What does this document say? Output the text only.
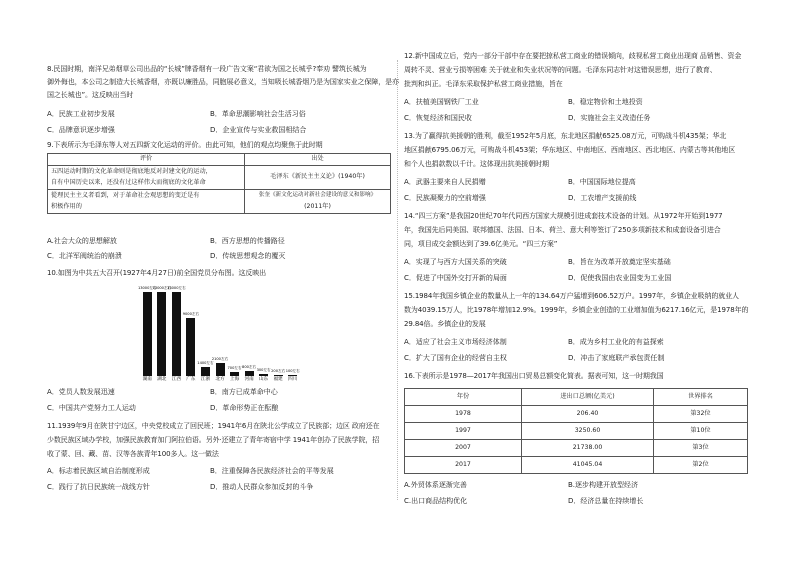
8.民国时期，南洋兄弟烟草公司出品的“长城”牌香烟有一段广告文案“君欲为国之长城乎?奉劝 譬筑长城为
御外侮也，本公司之制造大长城香烟，亦既以廉胜品，同胞展必意义，当知吸长城香烟乃是为国家实业之保障，是亦
国之长城也”。这反映出当时
A．民族工业初步发展	B．革命思潮影响社会生活习俗
C．品牌意识逐步增强	D．企业宣传与实业救国相结合
9.下表所示为毛泽东等人对五四新文化运动的评价。由此可知，他们的观点均聚焦于此时期
评价	出处
五四运动时期的文化革命则是彻底地反对封建文化的运动，	毛泽东《新民主主义论》(1940年)
自有中国历史以来，还没有过这样伟大而彻底的文化革命	
從理民主主义者看到，对于革命社会观思想的变迁是有	张奎《新文化运动对新社会建设的意义和影响》
积极作用的	(2011年)
A.社会大众的思想解放	B．西方思想的传播路径
C．北洋军阀统治的崩溃	D．传统思想观念的覆灭
10.如图为中共五大召开(1927年4月27日)前全国党员分布图。这反映出
13000左右
湖南
13000左右
湖北
13000左右
江西
9000左右
广东
1400左右
江浙
2100左右
北方
700左右
上海
800左右
河南
300左右
山东
200左右
福建
100左右
四川
A．党员人数发展迅速	B．南方已成革命中心
C．中国共产党努力工人运动	D．革命形势正在酝酿
11.1939年9月在陕甘宁边区，中央党校成立了回民班；1941年6月在陕北公学成立了民族部；边区 政府还在
少数民族区域办学校，加强民族教育加门阿拉伯语。另外·还建立了青年寄宿中学 1941年创办了民族学院，招
收了蒙、回、藏、苗、汉等各族青年100多人。这一做法
A．标志着民族区域自治制度形成	B．注重保障各民族经济社会的平等发展
C．践行了抗日民族统一战线方针	D．推动人民群众参加反封的斗争
12.新中国成立后，党内一部分干部中存在要把掠私营工商业的错误倾向，歧视私营工商业出现商 品销售、资金
周转不灵、营业亏损等困难 关于就业和失业状况等的问题。毛泽东同志针对这错误思想，进行了教育、
批判和纠正。毛泽东采取保护私营工商业措施，旨在
A．扶植美国钢铁厂工业	B．稳定物价和土地投资
C．恢复经济和国民收	D．实施社会主义改造任务
13.为了赢得抗美援朝的胜利，截至1952年5月底，东北地区捐献6525.08万元，可购战斗机435架；华北
地区捐献6795.06万元，可购战斗机453架；华东地区、中南地区、西南地区、西北地区、内蒙古等其他地区
和个人也捐款数以千计。这体现出抗美援朝时期
A．武器主要来自人民捐赠	B．中国国际地位提高
C．民族凝聚力的空前增强	D．工农增产支援前线
14.“四三方案”是我国20世纪70年代同西方国家大规模引进成套技术设备的计划。从1972年开始到1977
年，我国先后同美国、联邦德国、法国、日本、荷兰、意大利等签订了250多项新技术和成套设备引进合
同，项目成交金额达到了39.6亿美元。“四三方案”
A．实现了与西方大国关系的突破	B．旨在为改革开放奠定坚实基础
C．促进了中国外交打开新的局面	D．促使我国由农业国变为工业国
15.1984年我国乡镇企业的数量从上一年的134.64万户猛增到606.52万户。1997年，乡镇企业吸纳的就业人
数为4039.15万人，比1978年增加12.9%。1999年，乡镇企业创造的工业增加值为6217.16亿元，是1978年的
29.84倍。乡镇企业的发展
A．适应了社会主义市场经济体制	B．成为乡村工业化的有益探索
C．扩大了国有企业的经营自主权	D．冲击了家庭联产承包责任制
16.下表所示是1978—2017年我国出口贸易总额变化简表。据表可知，这一时期我国
年份	进出口总额(亿美元)	世界排名
1978	206.40	第32位
1997	3250.60	第10位
2007	21738.00	第3位
2017	41045.04	第2位
A.外贸体系逐渐完善	B.逐步构建开放型经济
C.出口商品结构优化	D．经济总量在持续增长
